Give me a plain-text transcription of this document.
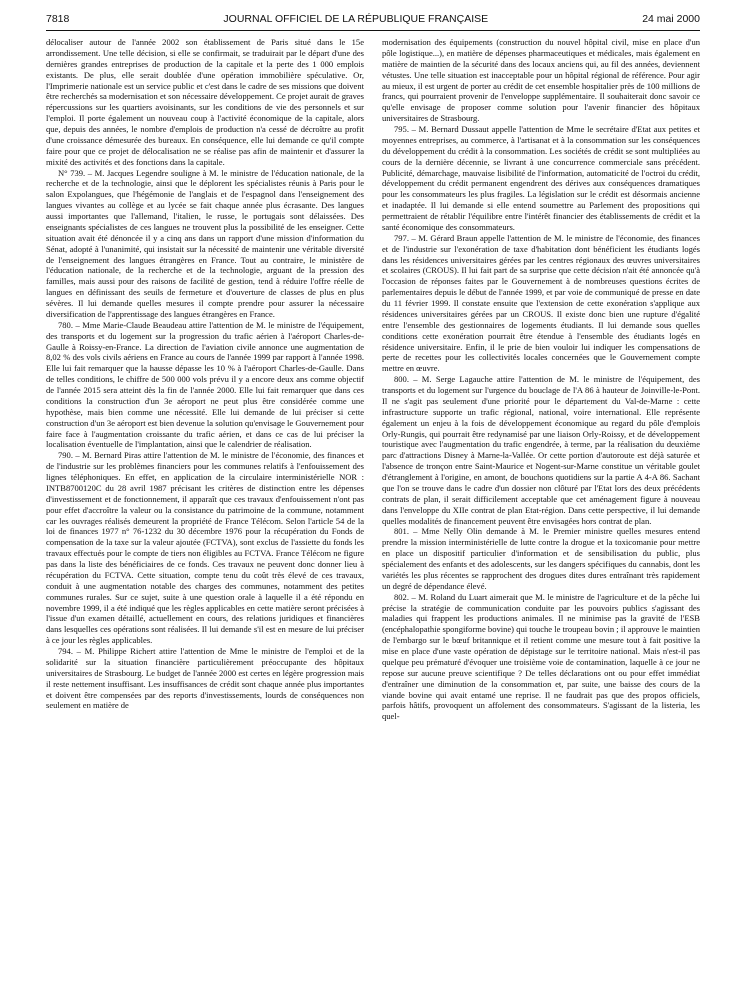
7818	JOURNAL OFFICIEL DE LA RÉPUBLIQUE FRANÇAISE	24 mai 2000

délocaliser autour de l'année 2002 son établissement de Paris situé dans le 15e arrondissement. Une telle décision, si elle se confirmait, se traduirait par le départ d'une des dernières grandes entreprises de production de la capitale et la perte des 1 000 emplois existants. De plus, elle serait doublée d'une opération immobilière spéculative. Or, l'Imprimerie nationale est un service public et c'est dans le cadre de ses missions que doivent être recherchés sa modernisation et son nécessaire développement. Ce projet aurait de graves répercussions sur les quartiers avoisinants, sur les conditions de vie des personnels et sur l'emploi. Il porte également un nouveau coup à l'activité économique de la capitale, alors que, depuis des années, le nombre d'emplois de production n'a cessé de décroître au profit d'une croissance démesurée des bureaux. En conséquence, elle lui demande ce qu'il compte faire pour que ce projet de délocalisation ne se réalise pas afin de maintenir et d'assurer la mixité des activités et des fonctions dans la capitale.

N° 739. – M. Jacques Legendre souligne à M. le ministre de l'éducation nationale, de la recherche et de la technologie, ainsi que le déplorent les spécialistes réunis à Paris pour le salon Expolangues, que l'hégémonie de l'anglais et de l'espagnol dans l'enseignement des langues vivantes au collège et au lycée se fait chaque année plus écrasante. Des langues aussi importantes que l'allemand, l'italien, le russe, le portugais sont délaissées. Des enseignants spécialistes de ces langues ne trouvent plus la possibilité de les enseigner. Cette situation avait été dénoncée il y a cinq ans dans un rapport d'une mission d'information du Sénat, adopté à l'unanimité, qui insistait sur la nécessité de maintenir une véritable diversité de l'enseignement des langues étrangères en France. Tout au contraire, le ministère de l'éducation nationale, de la recherche et de la technologie, arguant de la pression des familles, mais aussi pour des raisons de facilité de gestion, tend à réduire l'offre réelle de langues en définissant des seuils de fermeture et d'ouverture de classes de plus en plus sévères. Il lui demande quelles mesures il compte prendre pour assurer la nécessaire diversification de l'apprentissage des langues étrangères en France.

780. – Mme Marie-Claude Beaudeau attire l'attention de M. le ministre de l'équipement, des transports et du logement sur la progression du trafic aérien à l'aéroport Charles-de-Gaulle à Roissy-en-France. La direction de l'aviation civile annonce une augmentation de 8,02 % des vols civils aériens en France au cours de l'année 1999 par rapport à l'année 1998. Elle lui fait remarquer que la hausse dépasse les 10 % à l'aéroport Charles-de-Gaulle. Dans de telles conditions, le chiffre de 500 000 vols prévu il y a encore deux ans comme objectif de l'année 2015 sera atteint dès la fin de l'année 2000. Elle lui fait remarquer que dans ces conditions la construction d'un 3e aéroport ne peut plus être considérée comme une hypothèse, mais bien comme une nécessité. Elle lui demande de lui préciser si cette construction d'un 3e aéroport est bien devenue la solution qu'envisage le Gouvernement pour faire face à l'augmentation croissante du trafic aérien, et dans ce cas de lui préciser la localisation éventuelle de l'implantation, ainsi que le calendrier de réalisation.

790. – M. Bernard Piras attire l'attention de M. le ministre de l'économie, des finances et de l'industrie sur les problèmes financiers pour les communes relatifs à l'enfouissement des lignes téléphoniques. En effet, en application de la circulaire interministérielle NOR : INTB8700120C du 28 avril 1987 précisant les critères de distinction entre les dépenses d'investissement et de fonctionnement, il apparaît que ces travaux d'enfouissement n'ont pas pour effet d'accroître la valeur ou la consistance du patrimoine de la commune, notamment car les ouvrages réalisés demeurent la propriété de France Télécom. Selon l'article 54 de la loi de finances 1977 n° 76-1232 du 30 décembre 1976 pour la récupération du Fonds de compensation de la taxe sur la valeur ajoutée (FCTVA), sont exclus de l'assiette du fonds les travaux effectués pour le compte de tiers non éligibles au FCTVA. France Télécom ne figure pas dans la liste des bénéficiaires de ce fonds. Ces travaux ne peuvent donc donner lieu à récupération du FCTVA. Cette situation, compte tenu du coût très élevé de ces travaux, conduit à une augmentation notable des charges des communes, notamment des petites communes rurales. Sur ce sujet, suite à une question orale à laquelle il a été répondu en novembre 1999, il a été indiqué que les règles applicables en cette matière seront précisées à l'issue d'un examen détaillé, actuellement en cours, des relations juridiques et financières dans lesquelles ces opérations sont réalisées. Il lui demande s'il est en mesure de lui préciser à ce jour les règles applicables.

794. – M. Philippe Richert attire l'attention de Mme le ministre de l'emploi et de la solidarité sur la situation financière particulièrement préoccupante des hôpitaux universitaires de Strasbourg. Le budget de l'année 2000 est certes en légère progression mais il reste nettement insuffisant. Les insuffisances de crédit sont chaque année plus importantes et doivent être compensées par des reports d'investissements, lourds de conséquences non seulement en matière de

modernisation des équipements (construction du nouvel hôpital civil, mise en place d'un pôle logistique...), en matière de dépenses pharmaceutiques et médicales, mais également en matière de maintien de la sécurité dans des locaux anciens qui, au fil des années, deviennent vétustes. Une telle situation est inacceptable pour un hôpital régional de référence. Pour agir au mieux, il est urgent de porter au crédit de cet ensemble hospitalier près de 100 millions de francs, qui pourraient provenir de l'enveloppe supplémentaire. Il souhaiterait donc savoir ce qu'elle envisage de proposer comme solution pour l'avenir financier des hôpitaux universitaires de Strasbourg.

795. – M. Bernard Dussaut appelle l'attention de Mme le secrétaire d'Etat aux petites et moyennes entreprises, au commerce, à l'artisanat et à la consommation sur les conséquences du développement du crédit à la consommation. Les sociétés de crédit se sont multipliées au cours de la dernière décennie, se livrant à une concurrence commerciale sans précédent. Publicité, démarchage, mauvaise lisibilité de l'information, automaticité de l'octroi du crédit, développement du crédit permanent engendrent des dérives aux conséquences dramatiques pour les consommateurs les plus fragiles. La législation sur le crédit est désormais ancienne et inadaptée. Il lui demande si elle entend soumettre au Parlement des propositions qui permettraient de rétablir l'équilibre entre l'intérêt financier des établissements de crédit et la santé économique des consommateurs.

797. – M. Gérard Braun appelle l'attention de M. le ministre de l'économie, des finances et de l'industrie sur l'exonération de taxe d'habitation dont bénéficient les étudiants logés dans les résidences universitaires gérées par les centres régionaux des œuvres universitaires et scolaires (CROUS). Il lui fait part de sa surprise que cette décision n'ait été annoncée qu'à l'occasion de réponses faites par le Gouvernement à de nombreuses questions écrites de parlementaires depuis le début de l'année 1999, et par voie de communiqué de presse en date du 11 février 1999. Il constate ensuite que l'extension de cette exonération s'applique aux résidences universitaires gérées par un CROUS. Il existe donc bien une rupture d'égalité entre l'ensemble des gestionnaires de logements étudiants. Il lui demande sous quelles conditions cette exonération pourrait être étendue à l'ensemble des étudiants logés en résidence universitaire. Enfin, il le prie de bien vouloir lui indiquer les compensations de perte de recettes pour les collectivités locales concernées que le Gouvernement compte mettre en œuvre.

800. – M. Serge Lagauche attire l'attention de M. le ministre de l'équipement, des transports et du logement sur l'urgence du bouclage de l'A 86 à hauteur de Joinville-le-Pont. Il ne s'agit pas seulement d'une priorité pour le département du Val-de-Marne : cette infrastructure supporte un trafic régional, national, voire international. Elle représente également un enjeu à la fois de développement économique au regard du pôle d'emplois Orly-Rungis, qui pourrait être redynamisé par une liaison Orly-Roissy, et de développement touristique avec l'augmentation du trafic engendrée, à terme, par la réalisation du deuxième parc d'attractions Disney à Marne-la-Vallée. Or cette portion d'autoroute est déjà saturée et l'absence de tronçon entre Saint-Maurice et Nogent-sur-Marne constitue un véritable goulet d'étranglement à l'origine, en amont, de bouchons quotidiens sur la partie A 4-A 86. Sachant que l'on se trouve dans le cadre d'un dossier non clôturé par l'Etat lors des deux précédents contrats de plan, il serait difficilement acceptable que cet aménagement figure à nouveau dans l'enveloppe du XIIe contrat de plan Etat-région. Dans cette perspective, il lui demande quelles modalités de financement peuvent être envisagées hors contrat de plan.

801. – Mme Nelly Olin demande à M. le Premier ministre quelles mesures entend prendre la mission interministérielle de lutte contre la drogue et la toxicomanie pour mettre en place un dispositif particulier d'information et de sensibilisation du public, plus spécialement des enfants et des adolescents, sur les dangers spécifiques du cannabis, dont les variétés les plus récentes se rapprochent des drogues dites dures entraînant très rapidement un degré de dépendance élevé.

802. – M. Roland du Luart aimerait que M. le ministre de l'agriculture et de la pêche lui précise la stratégie de communication conduite par les pouvoirs publics s'agissant des maladies qui frappent les productions animales. Il ne minimise pas la gravité de l'ESB (encéphalopathie spongiforme bovine) qui touche le troupeau bovin ; il approuve le maintien de l'embargo sur le bœuf britannique et il retient comme une mesure tout à fait positive la mise en place d'une vaste opération de dépistage sur le territoire national. Mais n'est-il pas quelque peu prématuré d'évoquer une troisième voie de contamination, laquelle à ce jour ne repose sur aucune preuve scientifique ? De telles déclarations ont ou pour effet immédiat d'entraîner une diminution de la consommation et, par suite, une baisse des cours de la viande bovine qui avait entamé une reprise. Il ne faudrait pas que des propos officiels, parfois hâtifs, provoquent un affolement des consommateurs. S'agissant de la listeria, les quel-
